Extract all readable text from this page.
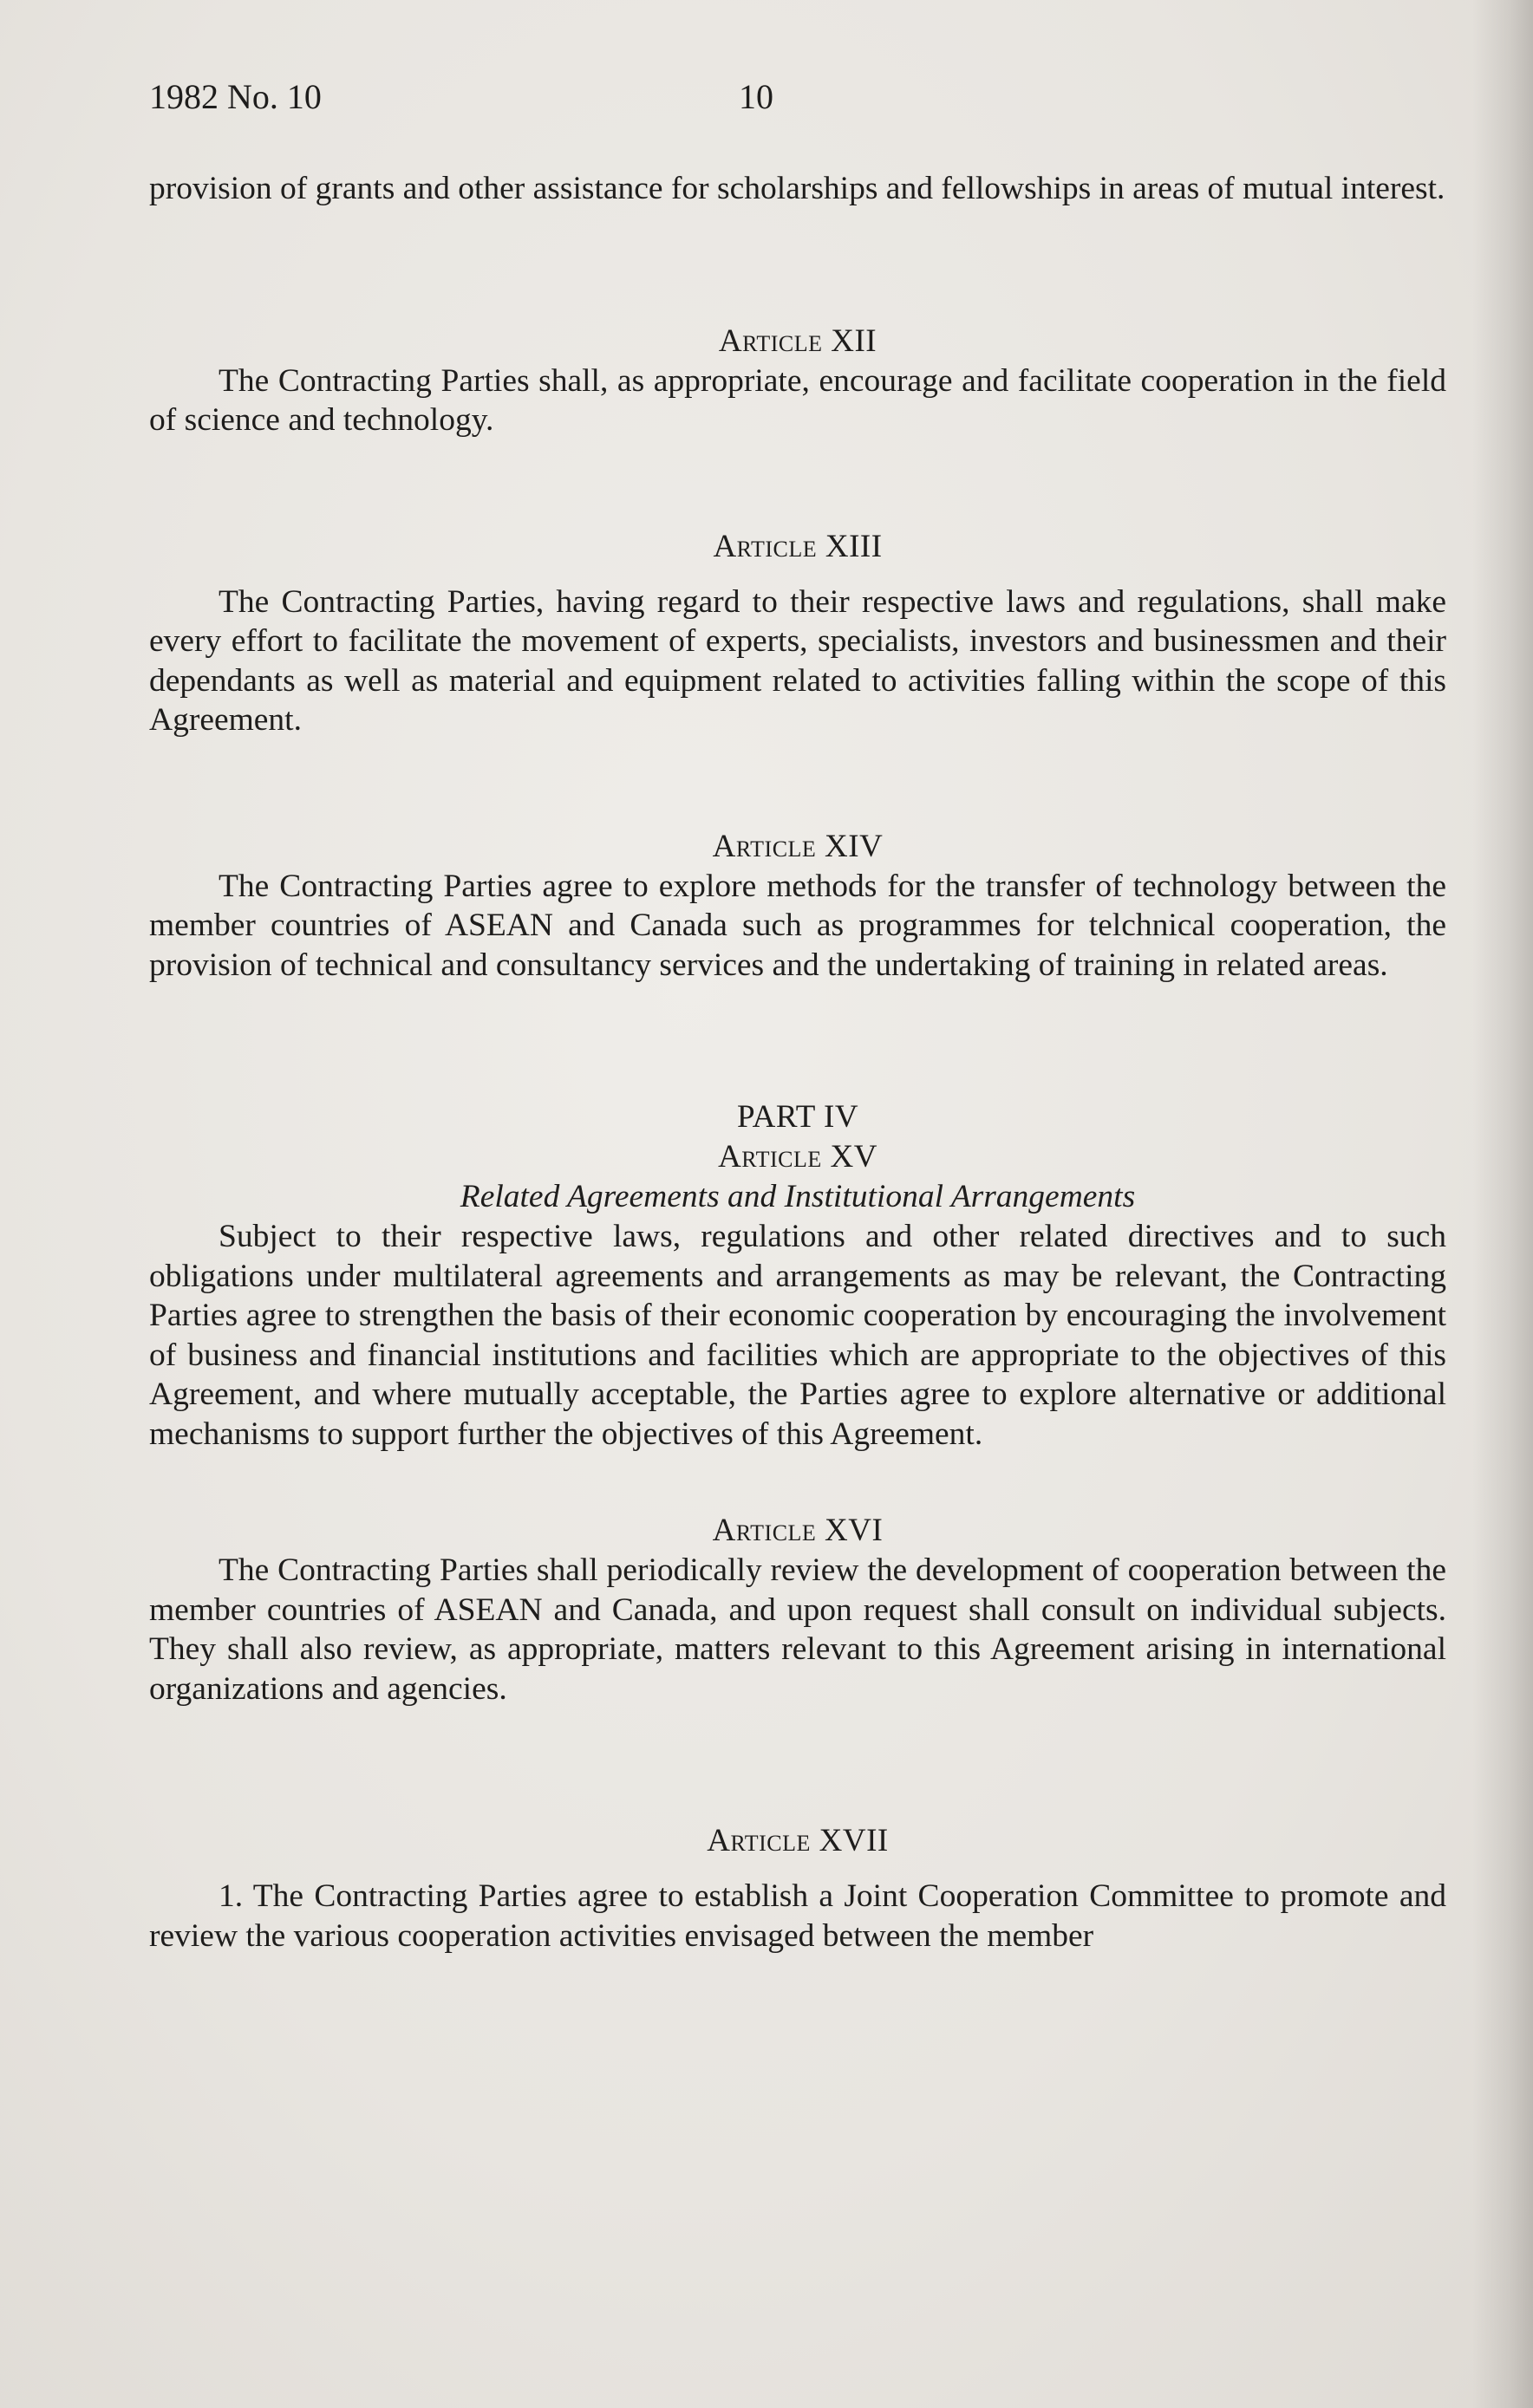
1982 No. 10	10

provision of grants and other assistance for scholarships and fellowships in areas of mutual interest.

Article XII

The Contracting Parties shall, as appropriate, encourage and facilitate cooperation in the field of science and technology.

Article XIII

The Contracting Parties, having regard to their respective laws and regulations, shall make every effort to facilitate the movement of experts, specialists, investors and businessmen and their dependants as well as material and equipment related to activities falling within the scope of this Agreement.

Article XIV

The Contracting Parties agree to explore methods for the transfer of technology between the member countries of ASEAN and Canada such as programmes for telchnical cooperation, the provision of technical and consultancy services and the undertaking of training in related areas.

PART IV
Article XV
Related Agreements and Institutional Arrangements

Subject to their respective laws, regulations and other related directives and to such obligations under multilateral agreements and arrangements as may be relevant, the Contracting Parties agree to strengthen the basis of their economic cooperation by encouraging the involvement of business and financial institutions and facilities which are appropriate to the objectives of this Agreement, and where mutually acceptable, the Parties agree to explore alternative or additional mechanisms to support further the objectives of this Agreement.

Article XVI

The Contracting Parties shall periodically review the development of cooperation between the member countries of ASEAN and Canada, and upon request shall consult on individual subjects. They shall also review, as appropriate, matters relevant to this Agreement arising in international organizations and agencies.

Article XVII

1. The Contracting Parties agree to establish a Joint Cooperation Committee to promote and review the various cooperation activities envisaged between the member
